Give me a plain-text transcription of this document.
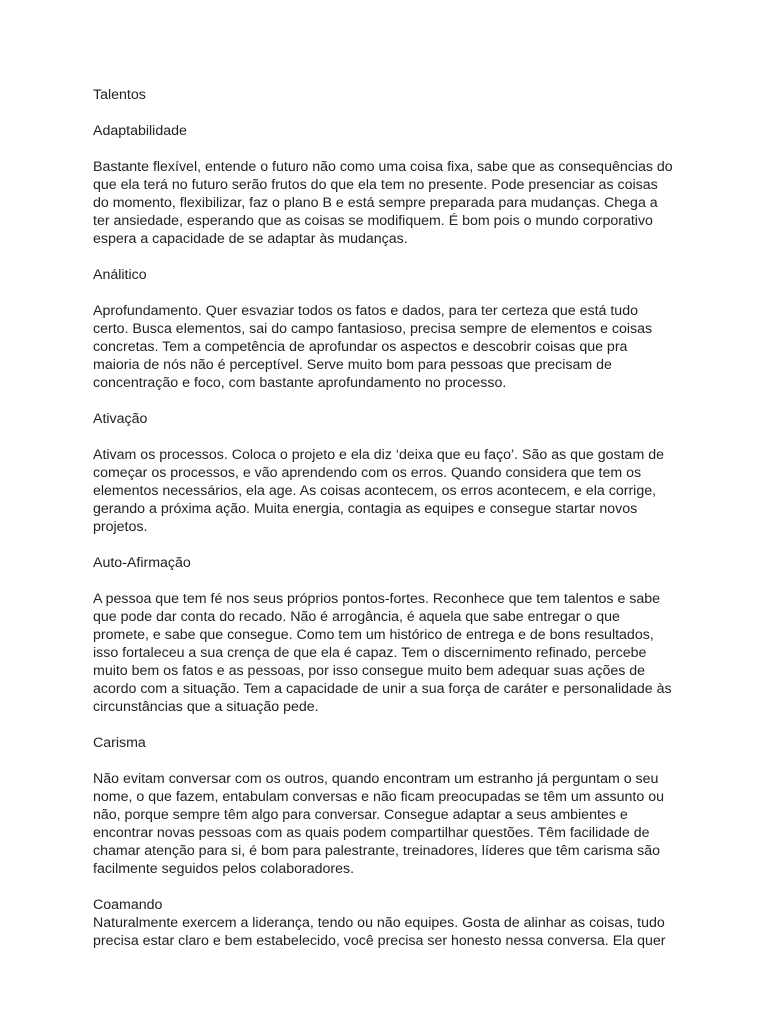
Talentos
Adaptabilidade

Bastante flexível, entende o futuro não como uma coisa fixa, sabe que as consequências do
que ela terá no futuro serão frutos do que ela tem no presente. Pode presenciar as coisas
do momento, flexibilizar, faz o plano B e está sempre preparada para mudanças. Chega a
ter ansiedade, esperando que as coisas se modifiquem. É bom pois o mundo corporativo
espera a capacidade de se adaptar às mudanças.

Análitico

Aprofundamento. Quer esvaziar todos os fatos e dados, para ter certeza que está tudo
certo. Busca elementos, sai do campo fantasioso, precisa sempre de elementos e coisas
concretas. Tem a competência de aprofundar os aspectos e descobrir coisas que pra
maioria de nós não é perceptível. Serve muito bom para pessoas que precisam de
concentração e foco, com bastante aprofundamento no processo.

Ativação

Ativam os processos. Coloca o projeto e ela diz ‘deixa que eu faço’. São as que gostam de
começar os processos, e vão aprendendo com os erros. Quando considera que tem os
elementos necessários, ela age. As coisas acontecem, os erros acontecem, e ela corrige,
gerando a próxima ação. Muita energia, contagia as equipes e consegue startar novos
projetos.

Auto-Afirmação

A pessoa que tem fé nos seus próprios pontos-fortes. Reconhece que tem talentos e sabe
que pode dar conta do recado. Não é arrogância, é aquela que sabe entregar o que
promete, e sabe que consegue. Como tem um histórico de entrega e de bons resultados,
isso fortaleceu a sua crença de que ela é capaz. Tem o discernimento refinado, percebe
muito bem os fatos e as pessoas, por isso consegue muito bem adequar suas ações de
acordo com a situação. Tem a capacidade de unir a sua força de caráter e personalidade às
circunstâncias que a situação pede.

Carisma

Não evitam conversar com os outros, quando encontram um estranho já perguntam o seu
nome, o que fazem, entabulam conversas e não ficam preocupadas se têm um assunto ou
não, porque sempre têm algo para conversar. Consegue adaptar a seus ambientes e
encontrar novas pessoas com as quais podem compartilhar questões. Têm facilidade de
chamar atenção para si, é bom para palestrante, treinadores, líderes que têm carisma são
facilmente seguidos pelos colaboradores.

Coamando

Naturalmente exercem a liderança, tendo ou não equipes. Gosta de alinhar as coisas, tudo
precisa estar claro e bem estabelecido, você precisa ser honesto nessa conversa. Ela quer
